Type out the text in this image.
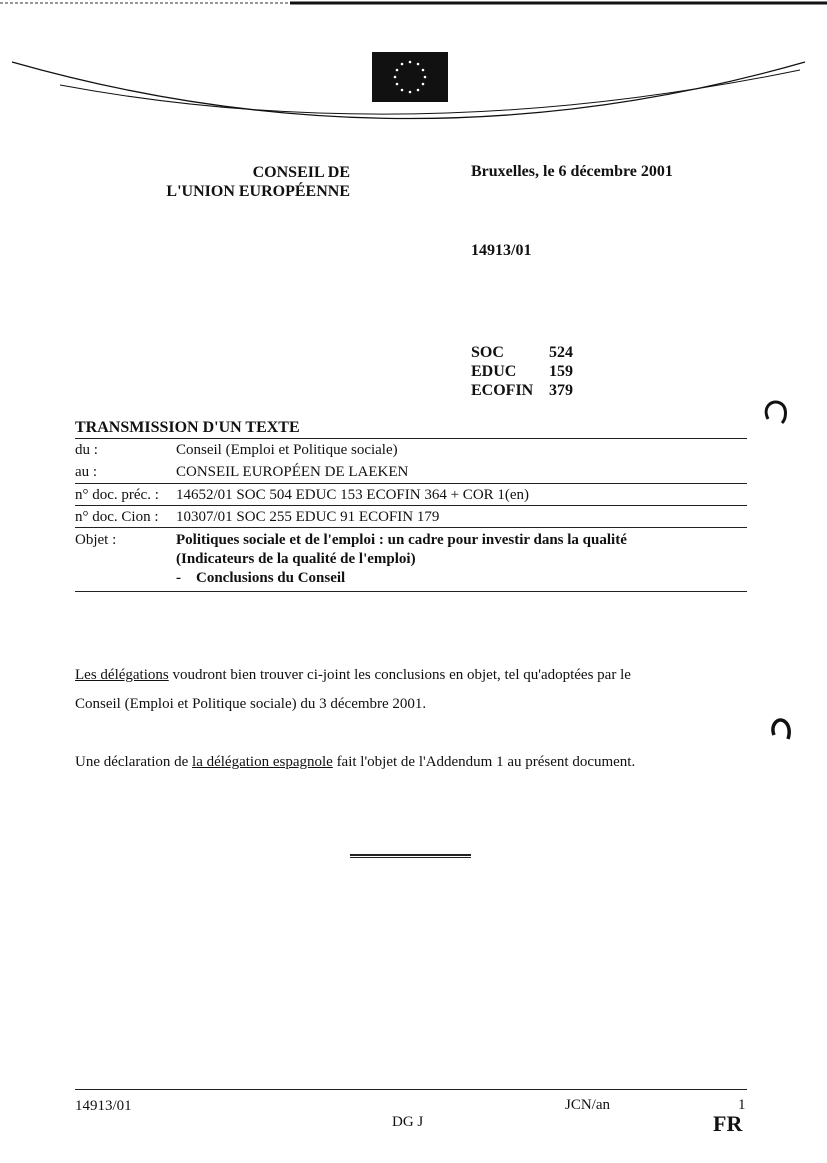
CONSEIL DE
L'UNION EUROPÉENNE
Bruxelles, le 6 décembre 2001
14913/01
SOC	524
EDUC	159
ECOFIN 379
TRANSMISSION D'UN TEXTE
du :	Conseil (Emploi et Politique sociale)
au :	CONSEIL EUROPÉEN DE LAEKEN
n° doc. préc. :	14652/01 SOC 504 EDUC 153 ECOFIN 364 + COR 1(en)
n° doc. Cion :	10307/01 SOC 255 EDUC 91 ECOFIN 179
Objet :	Politiques sociale et de l'emploi : un cadre pour investir dans la qualité
(Indicateurs de la qualité de l'emploi)
- Conclusions du Conseil
Les délégations voudront bien trouver ci-joint les conclusions en objet, tel qu'adoptées par le
Conseil (Emploi et Politique sociale) du 3 décembre 2001.
Une déclaration de la délégation espagnole fait l'objet de l'Addendum 1 au présent document.
14913/01
DG J
JCN/an	1
FR
